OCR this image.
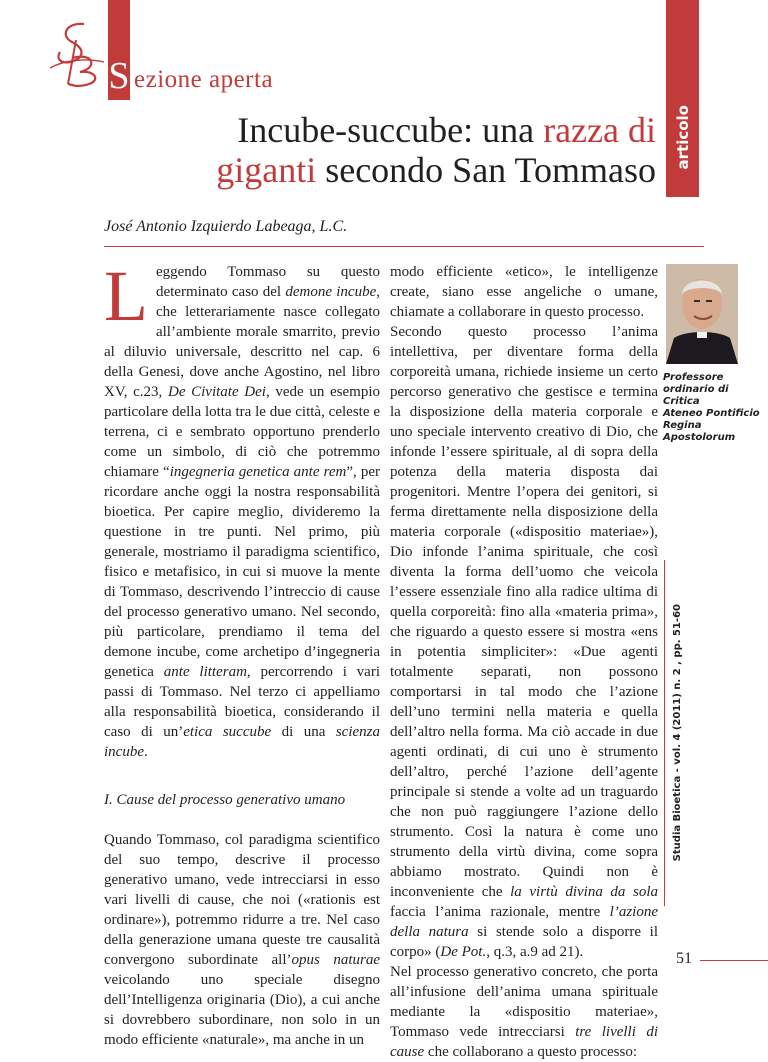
S ezione aperta
articolo
Incube-succube: una razza di
giganti secondo San Tommaso
José Antonio Izquierdo Labeaga, L.C.
L eggendo Tommaso su questo determinato caso del demone incube, che letterariamente nasce collegato all’ambiente morale smarrito, previo al diluvio universale, descritto nel cap. 6 della Genesi, dove anche Agostino, nel libro XV, c.23, De Civitate Dei, vede un esempio particolare della lotta tra le due città, celeste e terrena, ci e sembrato opportuno prenderlo come un simbolo, di ciò che potremmo chiamare “ingegneria genetica ante rem”, per ricordare anche oggi la nostra responsabilità bioetica. Per capire meglio, divideremo la questione in tre punti. Nel primo, più generale, mostriamo il paradigma scientifico, fisico e metafisico, in cui si muove la mente di Tommaso, descrivendo l’intreccio di cause del processo generativo umano. Nel secondo, più particolare, prendiamo il tema del demone incube, come archetipo d’ingegneria genetica ante litteram, percorrendo i vari passi di Tommaso. Nel terzo ci appelliamo alla responsabilità bioetica, considerando il caso di un’etica succube di una scienza incube.

I. Cause del processo generativo umano

Quando Tommaso, col paradigma scientifico del suo tempo, descrive il processo generativo umano, vede intrecciarsi in esso vari livelli di cause, che noi («rationis est ordinare»), potremmo ridurre a tre. Nel caso della generazione umana queste tre causalità convergono subordinate all’opus naturae veicolando uno speciale disegno dell’Intelligenza originaria (Dio), a cui anche si dovrebbero subordinare, non solo in un modo efficiente «naturale», ma anche in un

modo efficiente «etico», le intelligenze create, siano esse angeliche o umane, chiamate a collaborare in questo processo.

Secondo questo processo l’anima intellettiva, per diventare forma della corporeità umana, richiede insieme un certo percorso generativo che gestisce e termina la disposizione della materia corporale e uno speciale intervento creativo di Dio, che infonde l’essere spirituale, al di sopra della potenza della materia disposta dai progenitori. Mentre l’opera dei genitori, si ferma direttamente nella disposizione della materia corporale («dispositio materiae»), Dio infonde l’anima spirituale, che così diventa la forma dell’uomo che veicola l’essere essenziale fino alla radice ultima di quella corporeità: fino alla «materia prima», che riguardo a questo essere si mostra «ens in potentia simpliciter»: «Due agenti totalmente separati, non possono comportarsi in tal modo che l’azione dell’uno termini nella materia e quella dell’altro nella forma. Ma ciò accade in due agenti ordinati, di cui uno è strumento dell’altro, perché l’azione dell’agente principale si stende a volte ad un traguardo che non può raggiungere l’azione dello strumento. Così la natura è come uno strumento della virtù divina, come sopra abbiamo mostrato. Quindi non è inconveniente che la virtù divina da sola faccia l’anima razionale, mentre l’azione della natura si stende solo a disporre il corpo» (De Pot., q.3, a.9 ad 21).

Nel processo generativo concreto, che porta all’infusione dell’anima umana spirituale mediante la «dispositio materiae», Tommaso vede intrecciarsi tre livelli di cause che collaborano a questo processo:

Professore
ordinario di Critica
Ateneo Pontificio
Regina
Apostolorum
Studia Bioetica - vol. 4 (2011) n. 2 , pp. 51-60
51
